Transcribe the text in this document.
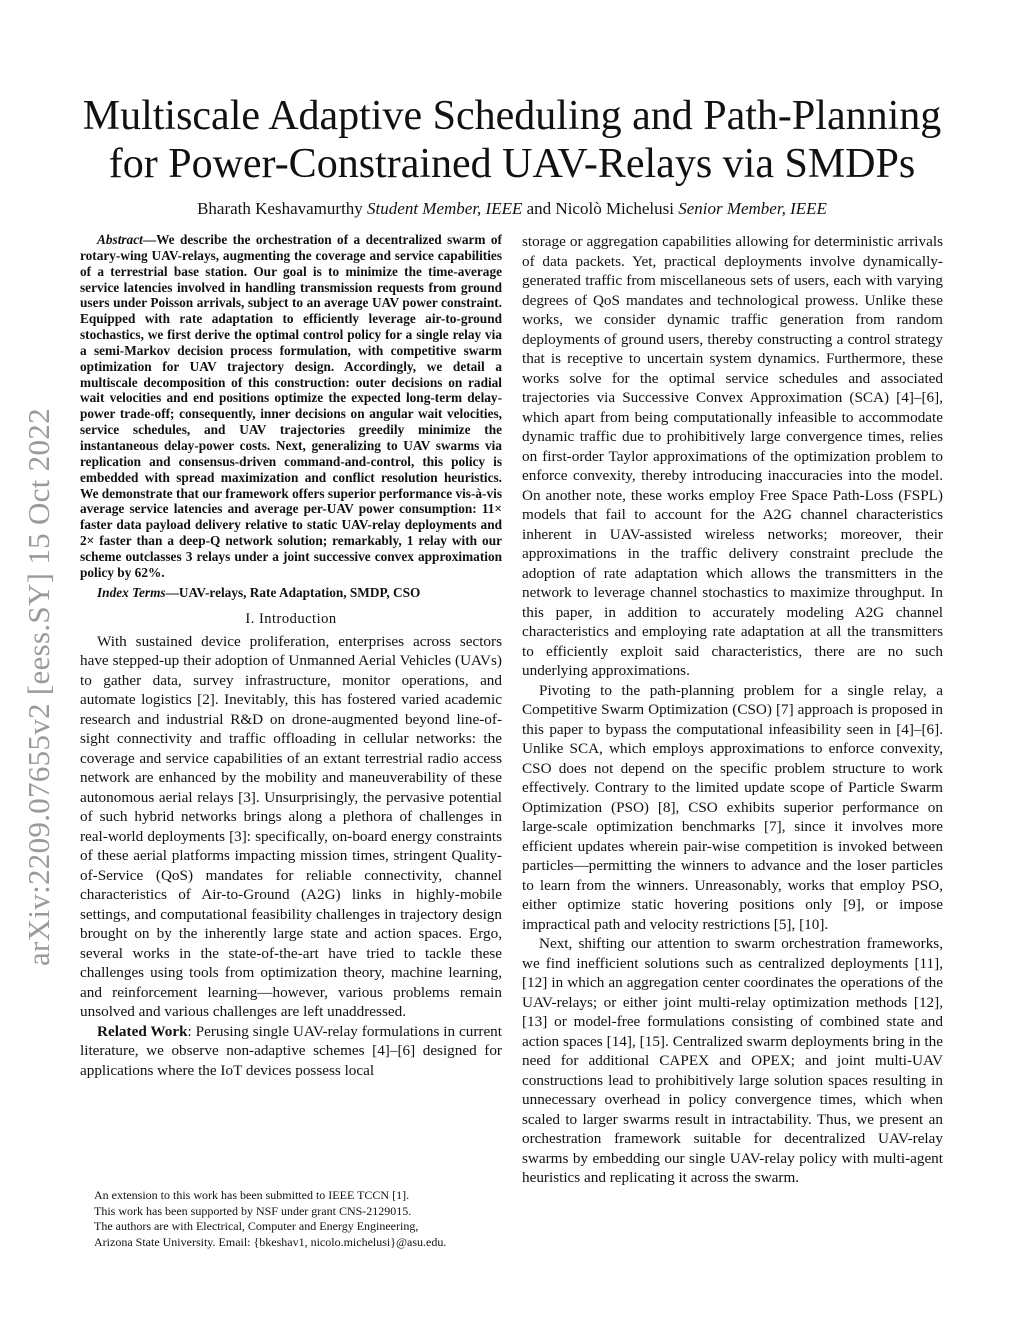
arXiv:2209.07655v2 [eess.SY] 15 Oct 2022
Multiscale Adaptive Scheduling and Path-Planning
for Power-Constrained UAV-Relays via SMDPs
Bharath Keshavamurthy Student Member, IEEE and Nicolò Michelusi Senior Member, IEEE

Abstract—We describe the orchestration of a decentralized swarm of rotary-wing UAV-relays, augmenting the coverage and service capabilities of a terrestrial base station. Our goal is to minimize the time-average service latencies involved in handling transmission requests from ground users under Poisson arrivals, subject to an average UAV power constraint. Equipped with rate adaptation to efficiently leverage air-to-ground stochastics, we first derive the optimal control policy for a single relay via a semi-Markov decision process formulation, with competitive swarm optimization for UAV trajectory design. Accordingly, we detail a multiscale decomposition of this construction: outer decisions on radial wait velocities and end positions optimize the expected long-term delay-power trade-off; consequently, inner decisions on angular wait velocities, service schedules, and UAV trajectories greedily minimize the instantaneous delay-power costs. Next, generalizing to UAV swarms via replication and consensus-driven command-and-control, this policy is embedded with spread maximization and conflict resolution heuristics. We demonstrate that our framework offers superior performance vis-à-vis average service latencies and average per-UAV power consumption: 11× faster data payload delivery relative to static UAV-relay deployments and 2× faster than a deep-Q network solution; remarkably, 1 relay with our scheme outclasses 3 relays under a joint successive convex approximation policy by 62%.

Index Terms—UAV-relays, Rate Adaptation, SMDP, CSO

I. Introduction

With sustained device proliferation, enterprises across sectors have stepped-up their adoption of Unmanned Aerial Vehicles (UAVs) to gather data, survey infrastructure, monitor operations, and automate logistics [2]. Inevitably, this has fostered varied academic research and industrial R&D on drone-augmented beyond line-of-sight connectivity and traffic offloading in cellular networks: the coverage and service capabilities of an extant terrestrial radio access network are enhanced by the mobility and maneuverability of these autonomous aerial relays [3]. Unsurprisingly, the pervasive potential of such hybrid networks brings along a plethora of challenges in real-world deployments [3]: specifically, on-board energy constraints of these aerial platforms impacting mission times, stringent Quality-of-Service (QoS) mandates for reliable connectivity, channel characteristics of Air-to-Ground (A2G) links in highly-mobile settings, and computational feasibility challenges in trajectory design brought on by the inherently large state and action spaces. Ergo, several works in the state-of-the-art have tried to tackle these challenges using tools from optimization theory, machine learning, and reinforcement learning—however, various problems remain unsolved and various challenges are left unaddressed.

Related Work: Perusing single UAV-relay formulations in current literature, we observe non-adaptive schemes [4]–[6] designed for applications where the IoT devices possess local

storage or aggregation capabilities allowing for deterministic arrivals of data packets. Yet, practical deployments involve dynamically-generated traffic from miscellaneous sets of users, each with varying degrees of QoS mandates and technological prowess. Unlike these works, we consider dynamic traffic generation from random deployments of ground users, thereby constructing a control strategy that is receptive to uncertain system dynamics. Furthermore, these works solve for the optimal service schedules and associated trajectories via Successive Convex Approximation (SCA) [4]–[6], which apart from being computationally infeasible to accommodate dynamic traffic due to prohibitively large convergence times, relies on first-order Taylor approximations of the optimization problem to enforce convexity, thereby introducing inaccuracies into the model. On another note, these works employ Free Space Path-Loss (FSPL) models that fail to account for the A2G channel characteristics inherent in UAV-assisted wireless networks; moreover, their approximations in the traffic delivery constraint preclude the adoption of rate adaptation which allows the transmitters in the network to leverage channel stochastics to maximize throughput. In this paper, in addition to accurately modeling A2G channel characteristics and employing rate adaptation at all the transmitters to efficiently exploit said characteristics, there are no such underlying approximations.

Pivoting to the path-planning problem for a single relay, a Competitive Swarm Optimization (CSO) [7] approach is proposed in this paper to bypass the computational infeasibility seen in [4]–[6]. Unlike SCA, which employs approximations to enforce convexity, CSO does not depend on the specific problem structure to work effectively. Contrary to the limited update scope of Particle Swarm Optimization (PSO) [8], CSO exhibits superior performance on large-scale optimization benchmarks [7], since it involves more efficient updates wherein pair-wise competition is invoked between particles—permitting the winners to advance and the loser particles to learn from the winners. Unreasonably, works that employ PSO, either optimize static hovering positions only [9], or impose impractical path and velocity restrictions [5], [10].

Next, shifting our attention to swarm orchestration frameworks, we find inefficient solutions such as centralized deployments [11], [12] in which an aggregation center coordinates the operations of the UAV-relays; or either joint multi-relay optimization methods [12], [13] or model-free formulations consisting of combined state and action spaces [14], [15]. Centralized swarm deployments bring in the need for additional CAPEX and OPEX; and joint multi-UAV constructions lead to prohibitively large solution spaces resulting in unnecessary overhead in policy convergence times, which when scaled to larger swarms result in intractability. Thus, we present an orchestration framework suitable for decentralized UAV-relay swarms by embedding our single UAV-relay policy with multi-agent heuristics and replicating it across the swarm.

An extension to this work has been submitted to IEEE TCCN [1].

This work has been supported by NSF under grant CNS-2129015.

The authors are with Electrical, Computer and Energy Engineering,

Arizona State University. Email: {bkeshav1, nicolo.michelusi}@asu.edu.
